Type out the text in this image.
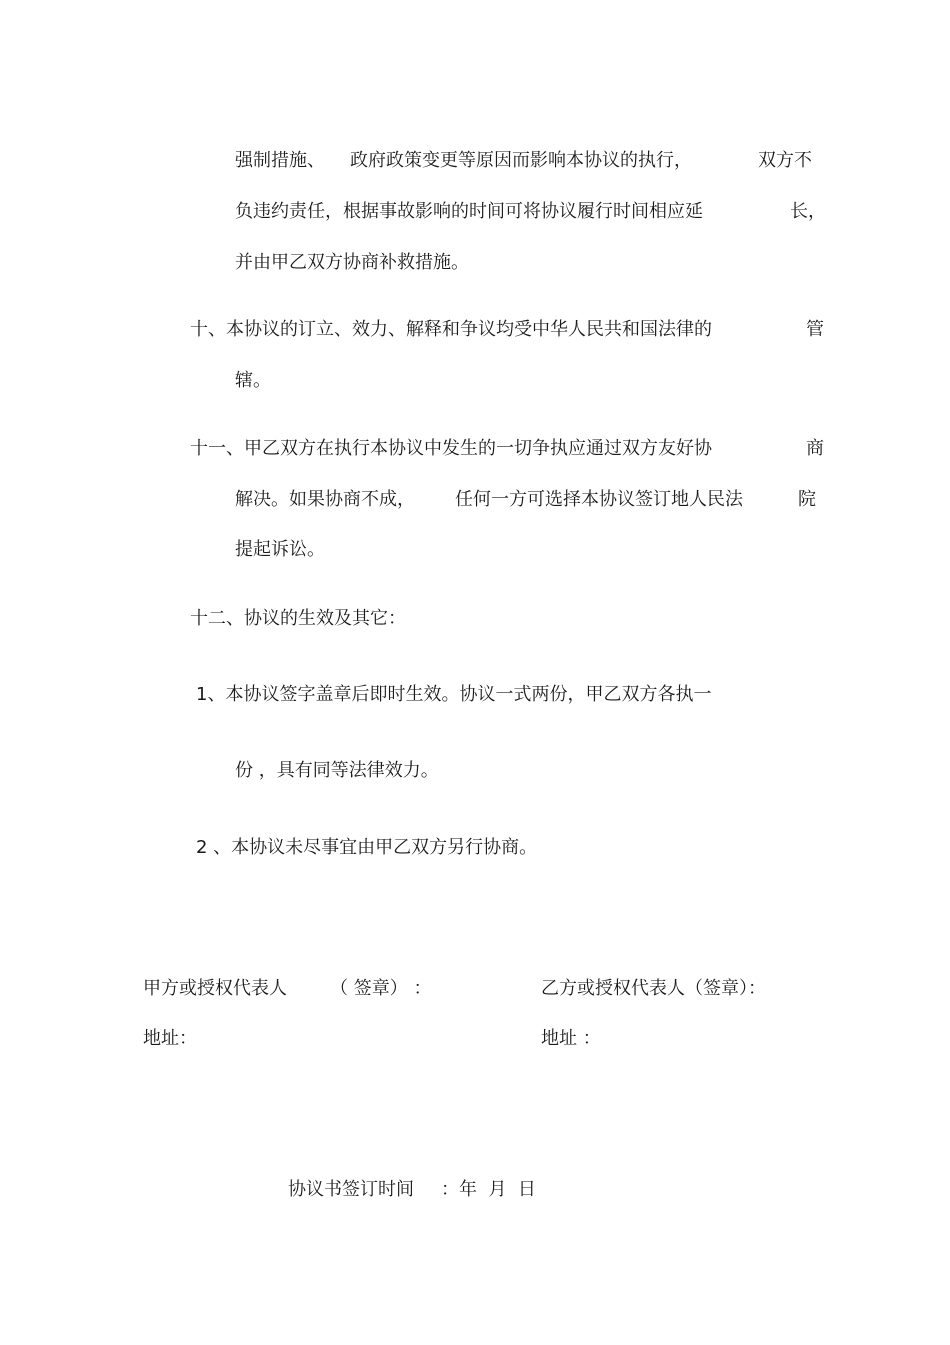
强制措施、 政府政策变更等原因而影响本协议的执行，	双方不
负违约责任，根据事故影响的时间可将协议履行时间相应延	长，
并由甲乙双方协商补救措施。
十、本协议的订立、效力、解释和争议均受中华人民共和国法律的	管
辖。
十一、甲乙双方在执行本协议中发生的一切争执应通过双方友好协	商
解决。如果协商不成， 任何一方可选择本协议签订地人民法	院
提起诉讼。
十二、协议的生效及其它：
1、本协议签字盖章后即时生效。协议一式两份，甲乙双方各执一
份 ，具有同等法律效力。
2 、本协议未尽事宜由甲乙双方另行协商。
甲方或授权代表人 （ 签章） ：	乙方或授权代表人（签章）：
地址：	地址 ：
协议书签订时间 ：年  月  日
